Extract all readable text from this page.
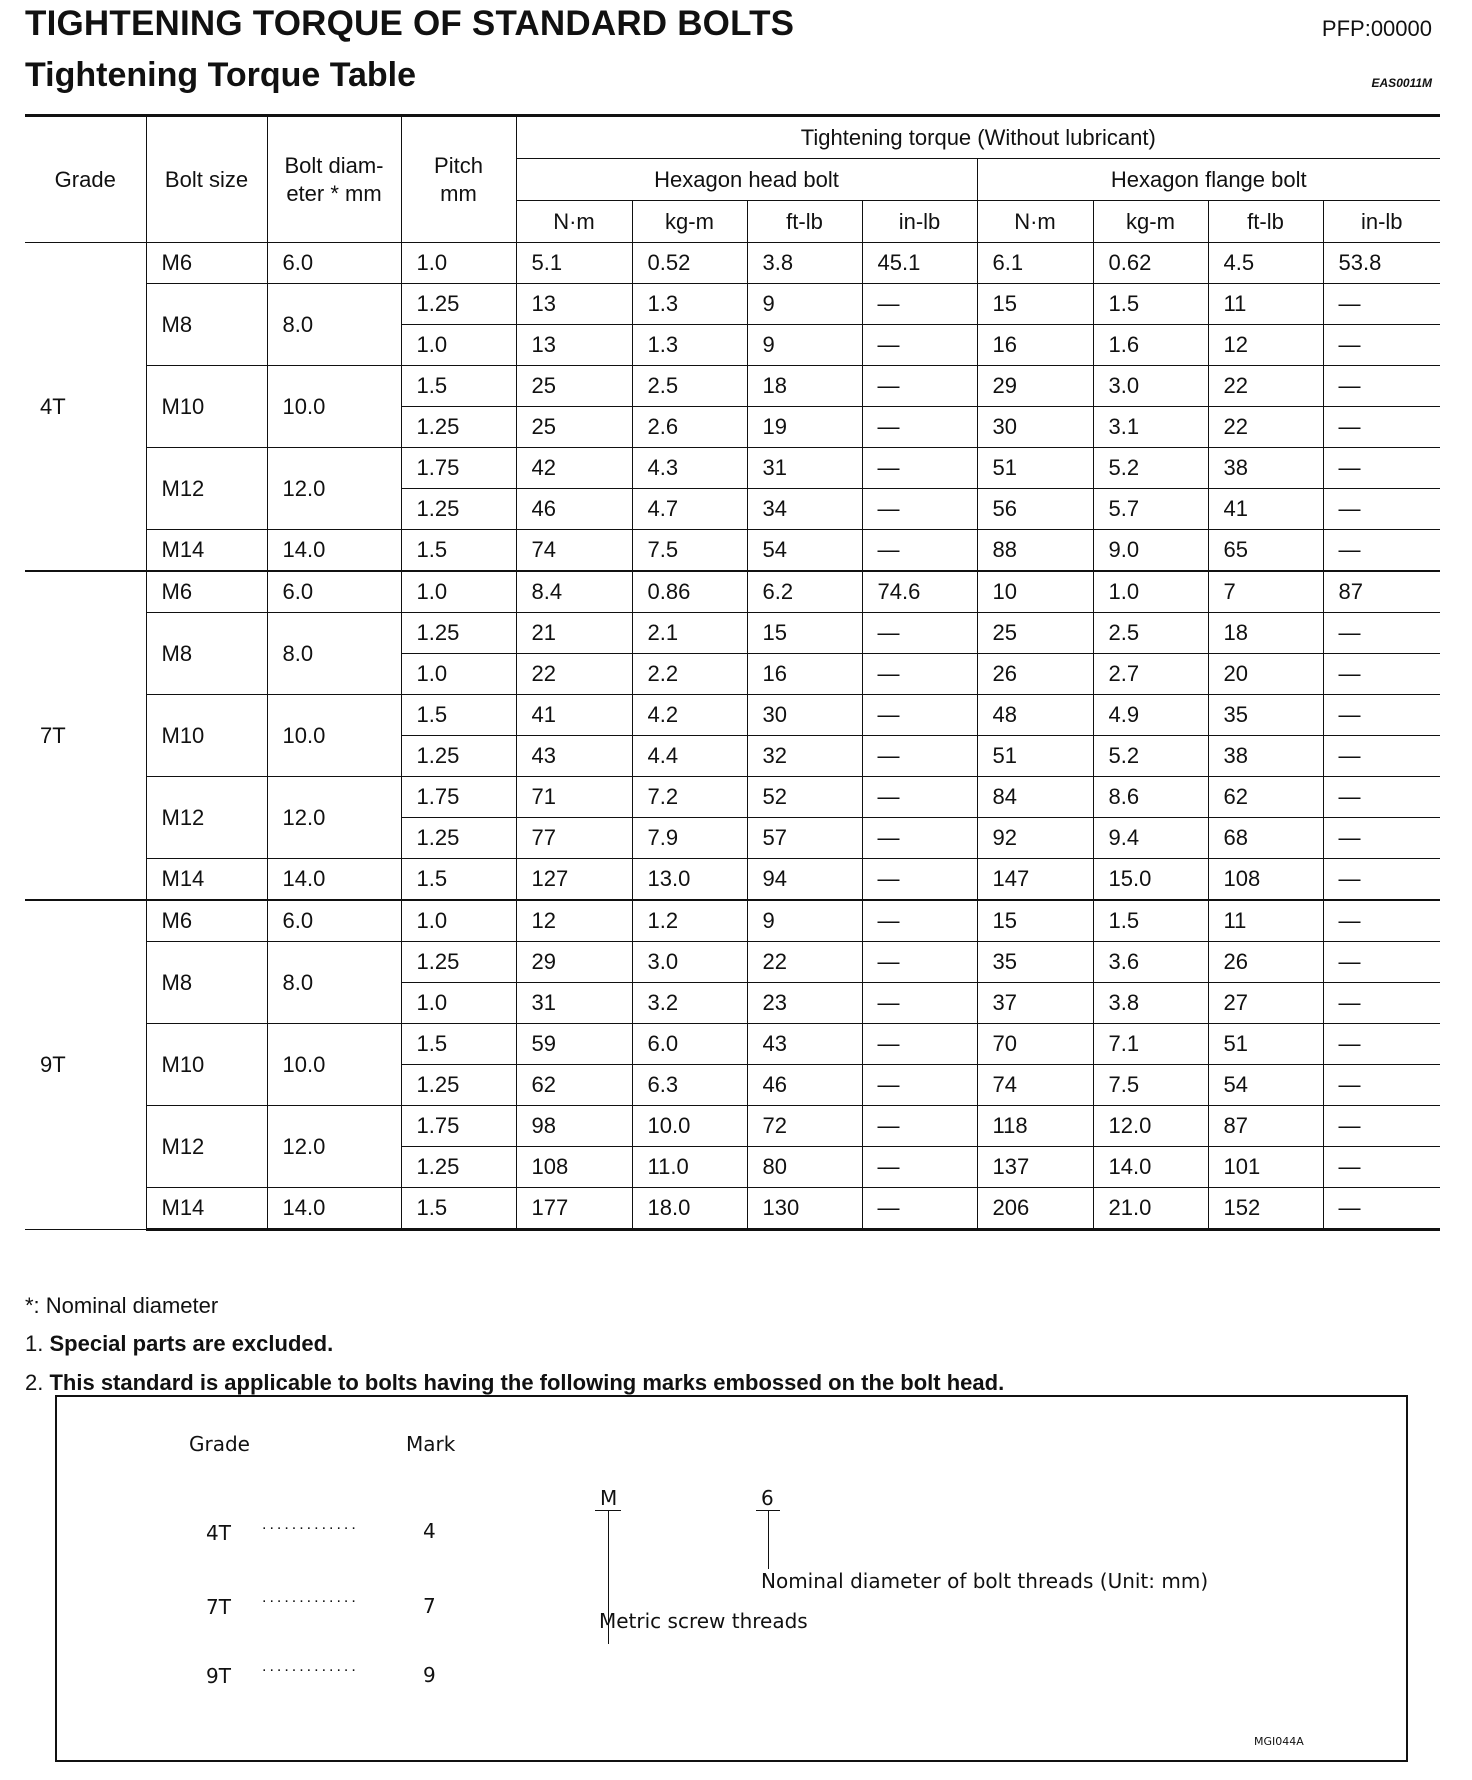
TIGHTENING TORQUE OF STANDARD BOLTS
Tightening Torque Table
PFP:00000
EAS0011M
Grade	Bolt size	Bolt diam-eter * mm	Pitch mm	Tightening torque (Without lubricant)							
				Hexagon head bolt				Hexagon flange bolt			
				N·m	kg-m	ft-lb	in-lb	N·m	kg-m	ft-lb	in-lb
4T	M6	6.0	1.0	5.1	0.52	3.8	45.1	6.1	0.62	4.5	53.8
	M8	8.0	1.25	13	1.3	9	—	15	1.5	11	—
			1.0	13	1.3	9	—	16	1.6	12	—
	M10	10.0	1.5	25	2.5	18	—	29	3.0	22	—
			1.25	25	2.6	19	—	30	3.1	22	—
	M12	12.0	1.75	42	4.3	31	—	51	5.2	38	—
			1.25	46	4.7	34	—	56	5.7	41	—
	M14	14.0	1.5	74	7.5	54	—	88	9.0	65	—
7T	M6	6.0	1.0	8.4	0.86	6.2	74.6	10	1.0	7	87
	M8	8.0	1.25	21	2.1	15	—	25	2.5	18	—
			1.0	22	2.2	16	—	26	2.7	20	—
	M10	10.0	1.5	41	4.2	30	—	48	4.9	35	—
			1.25	43	4.4	32	—	51	5.2	38	—
	M12	12.0	1.75	71	7.2	52	—	84	8.6	62	—
			1.25	77	7.9	57	—	92	9.4	68	—
	M14	14.0	1.5	127	13.0	94	—	147	15.0	108	—
9T	M6	6.0	1.0	12	1.2	9	—	15	1.5	11	—
	M8	8.0	1.25	29	3.0	22	—	35	3.6	26	—
			1.0	31	3.2	23	—	37	3.8	27	—
	M10	10.0	1.5	59	6.0	43	—	70	7.1	51	—
			1.25	62	6.3	46	—	74	7.5	54	—
	M12	12.0	1.75	98	10.0	72	—	118	12.0	87	—
			1.25	108	11.0	80	—	137	14.0	101	—
	M14	14.0	1.5	177	18.0	130	—	206	21.0	152	—
*: Nominal diameter
1. Special parts are excluded.
2. This standard is applicable to bolts having the following marks embossed on the bolt head.
Grade	Mark
4T .............	4
7T .............	7
9T .............	9
M	6
Nominal diameter of bolt threads (Unit: mm)
Metric screw threads
MGI044A
